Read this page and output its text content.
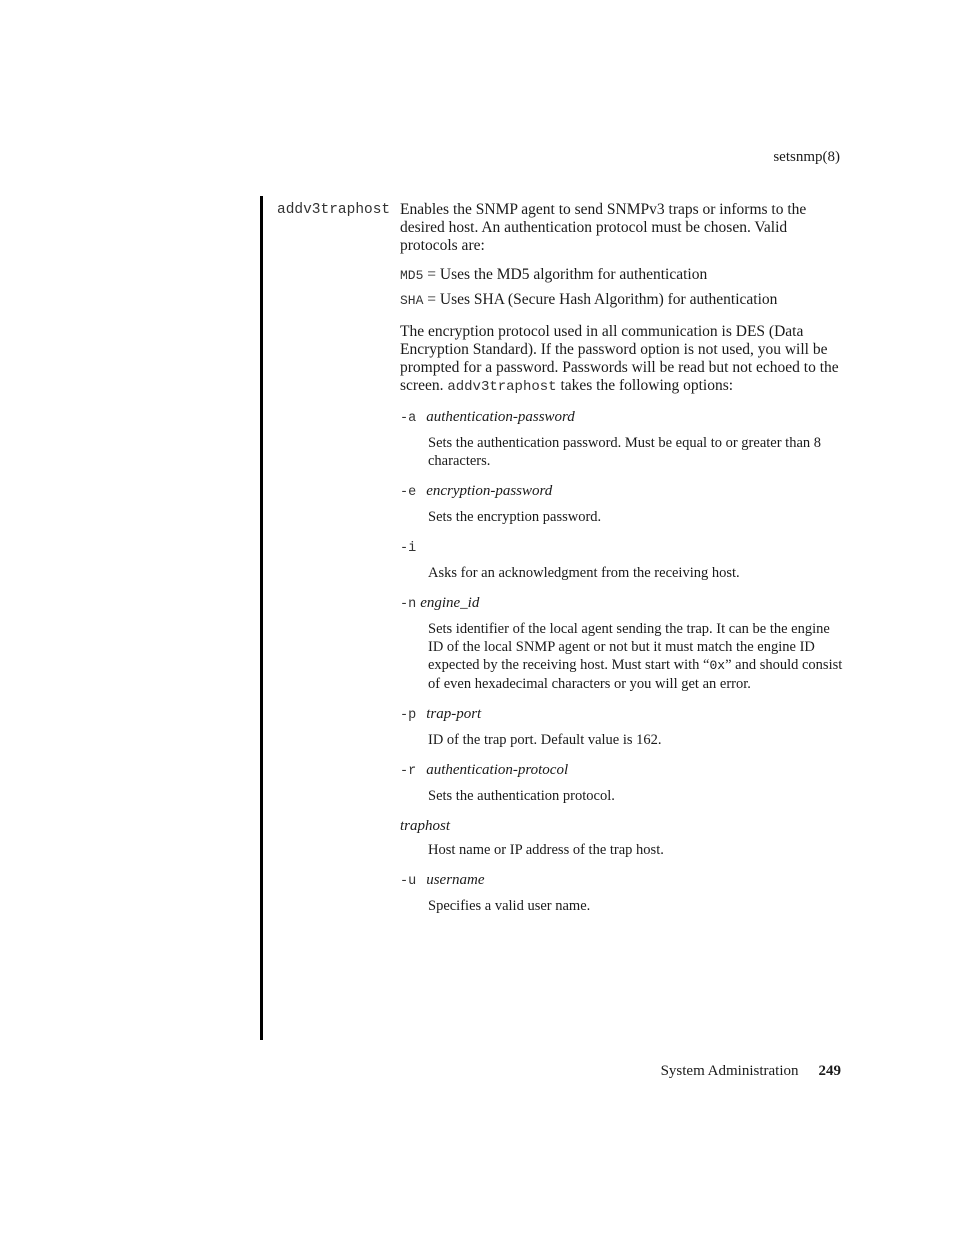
setsnmp(8)
addv3traphost Enables the SNMP agent to send SNMPv3 traps or informs to the desired host. An authentication protocol must be chosen. Valid protocols are:

MD5 = Uses the MD5 algorithm for authentication

SHA = Uses SHA (Secure Hash Algorithm) for authentication

The encryption protocol used in all communication is DES (Data Encryption Standard). If the password option is not used, you will be prompted for a password. Passwords will be read but not echoed to the screen. addv3traphost takes the following options:

-a authentication-password
Sets the authentication password. Must be equal to or greater than 8 characters.
-e encryption-password
Sets the encryption password.
-i
Asks for an acknowledgment from the receiving host.
-n engine_id
Sets identifier of the local agent sending the trap. It can be the engine ID of the local SNMP agent or not but it must match the engine ID expected by the receiving host. Must start with “0x” and should consist of even hexadecimal characters or you will get an error.
-p trap-port
ID of the trap port. Default value is 162.
-r authentication-protocol
Sets the authentication protocol.
traphost
Host name or IP address of the trap host.
-u username
Specifies a valid user name.
System Administration 249
